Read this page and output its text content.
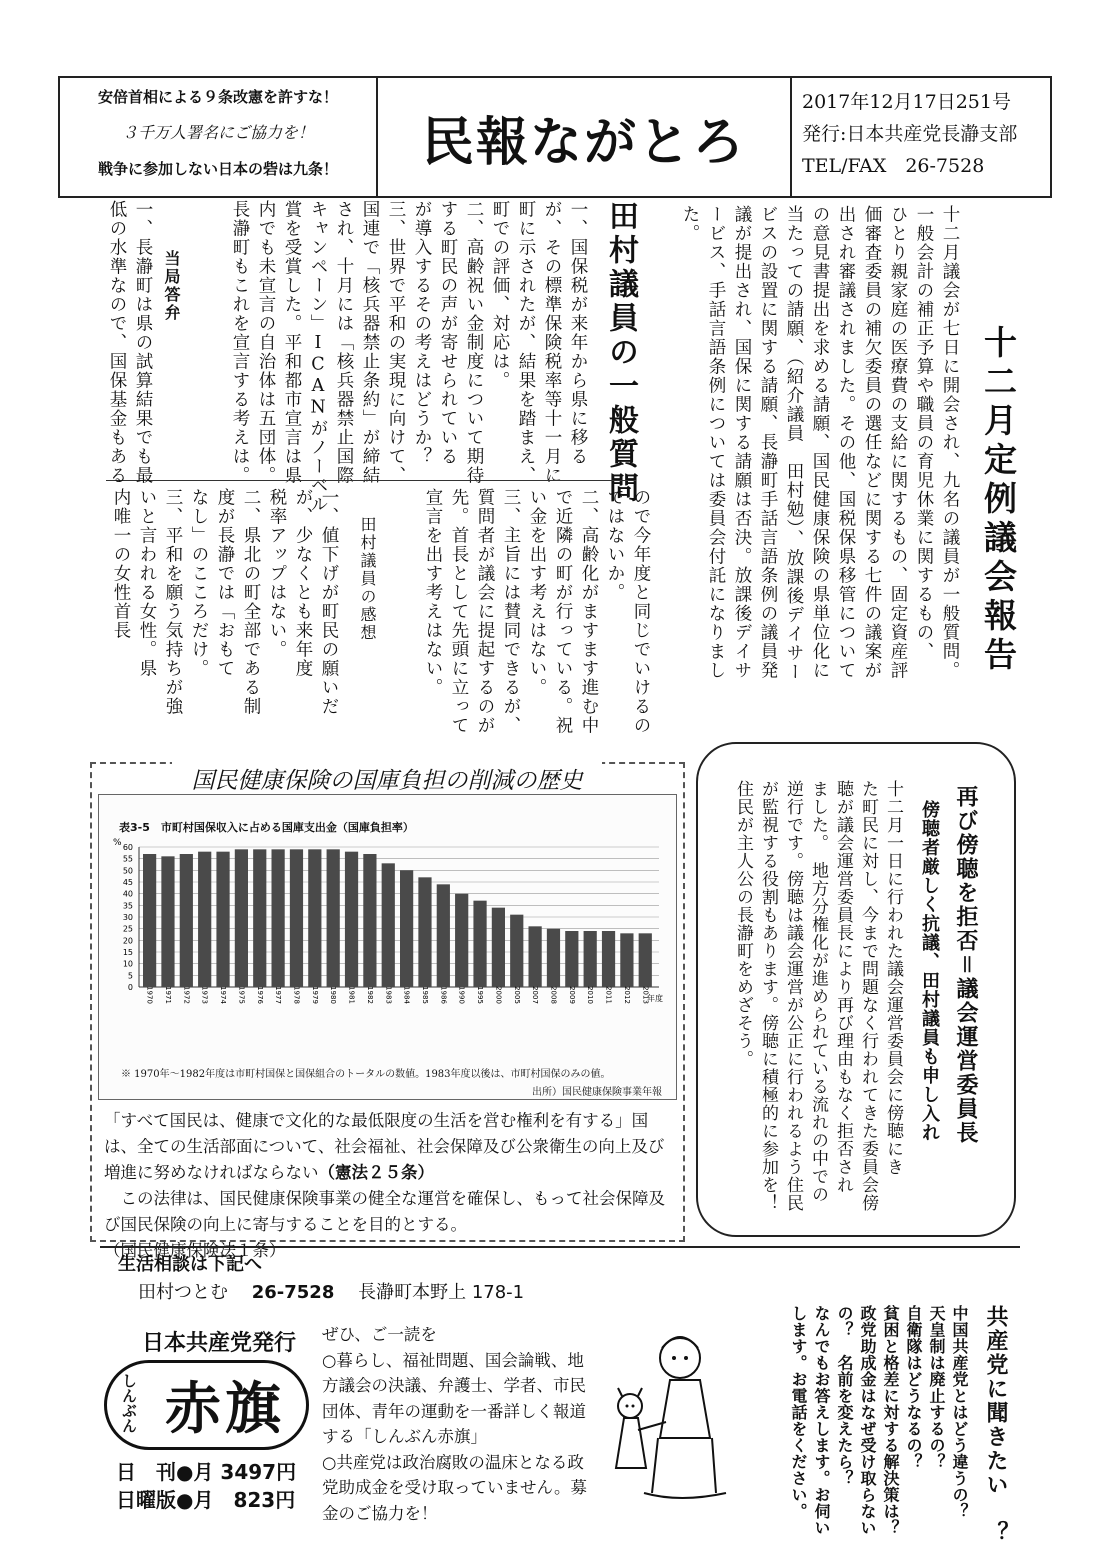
安倍首相による９条改憲を許すな！
３千万人署名にご協力を！
戦争に参加しない日本の砦は九条！	民報ながとろ
2017年12月17日251号
発行:日本共産党長瀞支部
TEL/FAX　26-7528
十二月定例議会報告
十二月議会が七日に開会され、九名の議員が一般質問。
一般会計の補正予算や職員の育児休業に関するもの、
ひとり親家庭の医療費の支給に関するもの、固定資産評
価審査委員の補欠委員の選任などに関する七件の議案が
出され審議されました。その他、国税保県移管について
の意見書提出を求める請願、国民健康保険の県単位化に
当たっての請願、（紹介議員　田村勉）、放課後デイサー
ビスの設置に関する請願、長瀞町手話言語条例の議員発
議が提出され、国保に関する請願は否決。放課後デイサ
ービス、手話言語条例については委員会付託になりまし
た。
田村議員の一般質問
一、国保税が来年から県に移る
が、その標準保険税率等十一月に
町に示されたが、結果を踏まえ、
町での評価、対応は。
二、高齢祝い金制度について期待
する町民の声が寄せられている
が導入するその考えはどうか？
三、世界で平和の実現に向けて、
国連で「核兵器禁止条約」が締結
され、十月には「核兵器禁止国際
キャンペーン」ICANがノーベル
賞を受賞した。平和都市宣言は県
内でも未宣言の自治体は五団体。
長瀞町もこれを宣言する考えは。
当局答弁
一、長瀞町は県の試算結果でも最
低の水準なので、国保基金もある
ので今年度と同じでいけるの
ではないか。
二、高齢化がますます進む中
で近隣の町が行っている。祝
い金を出す考えはない。
三、主旨には賛同できるが、
質問者が議会に提起するのが
先。首長として先頭に立って
宣言を出す考えはない。
田村議員の感想
一、値下げが町民の願いだ
が、少なくとも来年度
税率アップはない。
二、県北の町全部である制
度が長瀞では「おもて
なし」のこころだけ。
三、平和を願う気持ちが強
いと言われる女性。県
内唯一の女性首長
再び傍聴を拒否＝議会運営委員長
傍聴者厳しく抗議、田村議員も申し入れ
十二月一日に行われた議会運営委員会に傍聴にき
た町民に対し、今まで問題なく行われてきた委員会傍
聴が議会運営委員長により再び理由もなく拒否され
ました。　地方分権化が進められている流れの中での
逆行です。傍聴は議会運営が公正に行われるよう住民
が監視する役割もあります。傍聴に積極的に参加を！
住民が主人公の長瀞町をめざそう。
国民健康保険の国庫負担の削減の歴史
表3-5　市町村国保収入に占める国庫支出金（国庫負担率）
%
0
5
10
15
20
25
30
35
40
45
50
55
60
1970 1971 1972 1973 1974 1975 1976 1977 1978 1979 1980 1981 1982 1983 1984 1985 1986 1990 1995 2000 2005 2007 2008 2009 2010 2011 2012 2013
年度
※ 1970年～1982年度は市町村国保と国保組合のトータルの数値。1983年度以後は、市町村国保のみの値。
出所）国民健康保険事業年報
「すべて国民は、健康で文化的な最低限度の生活を営む権利を有する」国は、全ての生活部面について、社会福祉、社会保障及び公衆衛生の向上及び増進に努めなければならない（憲法２５条）
この法律は、国民健康保険事業の健全な運営を確保し、もって社会保障及び国民保険の向上に寄与することを目的とする。
（国民健康保険法１条）
生活相談は下記へ
田村つとむ 26-7528 長瀞町本野上 178-1
日本共産党発行
しんぶん 赤旗
日　刊●月 3497円
日曜版●月　823円
ぜひ、ご一読を
○暮らし、福祉問題、国会論戦、地方議会の決議、弁護士、学者、市民団体、青年の運動を一番詳しく報道する「しんぶん赤旗」
○共産党は政治腐敗の温床となる政党助成金を受け取っていません。募金のご協力を！	共産党に聞きたい　？
中国共産党とはどう違うの？
天皇制は廃止するの？
自衛隊はどうなるの？
貧困と格差に対する解決策は？
政党助成金はなぜ受け取らない
の？　名前を変えたら？
なんでもお答えします。お伺い
します。お電話をください。
